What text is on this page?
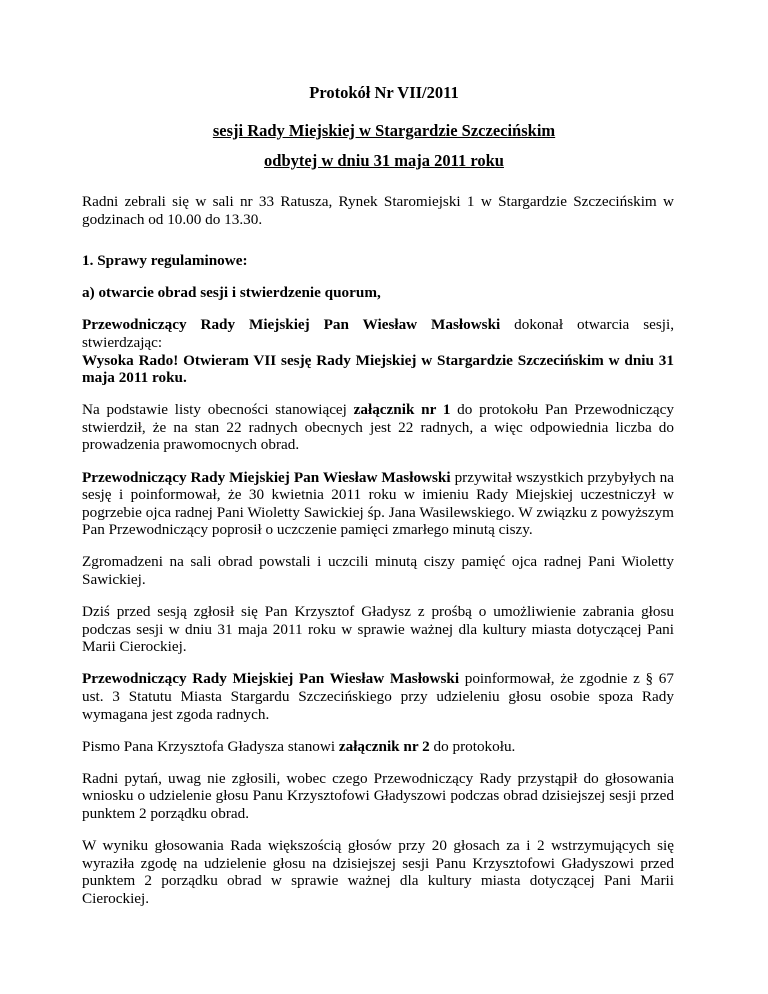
Protokół Nr VII/2011
sesji Rady Miejskiej w Stargardzie Szczecińskim
odbytej w dniu 31 maja 2011 roku

Radni zebrali się w sali nr 33 Ratusza, Rynek Staromiejski 1 w Stargardzie Szczecińskim w godzinach od 10.00 do 13.30.

1. Sprawy regulaminowe:

a) otwarcie obrad sesji i stwierdzenie quorum,

Przewodniczący Rady Miejskiej Pan Wiesław Masłowski dokonał otwarcia sesji, stwierdzając:
Wysoka Rado! Otwieram VII sesję Rady Miejskiej w Stargardzie Szczecińskim w dniu 31 maja 2011 roku.

Na podstawie listy obecności stanowiącej załącznik nr 1 do protokołu Pan Przewodniczący stwierdził, że na stan 22 radnych obecnych jest 22 radnych, a więc odpowiednia liczba do prowadzenia prawomocnych obrad.

Przewodniczący Rady Miejskiej Pan Wiesław Masłowski przywitał wszystkich przybyłych na sesję i poinformował, że 30 kwietnia 2011 roku w imieniu Rady Miejskiej uczestniczył w pogrzebie ojca radnej Pani Wioletty Sawickiej śp. Jana Wasilewskiego. W związku z powyższym Pan Przewodniczący poprosił o uczczenie pamięci zmarłego minutą ciszy.

Zgromadzeni na sali obrad powstali i uczcili minutą ciszy pamięć ojca radnej Pani Wioletty Sawickiej.

Dziś przed sesją zgłosił się Pan Krzysztof Gładysz z prośbą o umożliwienie zabrania głosu podczas sesji w dniu 31 maja 2011 roku w sprawie ważnej dla kultury miasta dotyczącej Pani Marii Cierockiej.

Przewodniczący Rady Miejskiej Pan Wiesław Masłowski poinformował, że zgodnie z § 67 ust. 3 Statutu Miasta Stargardu Szczecińskiego przy udzieleniu głosu osobie spoza Rady wymagana jest zgoda radnych.

Pismo Pana Krzysztofa Gładysza stanowi załącznik nr 2 do protokołu.

Radni pytań, uwag nie zgłosili, wobec czego Przewodniczący Rady przystąpił do głosowania wniosku o udzielenie głosu Panu Krzysztofowi Gładyszowi podczas obrad dzisiejszej sesji przed punktem 2 porządku obrad.

W wyniku głosowania Rada większością głosów przy 20 głosach za i 2 wstrzymujących się wyraziła zgodę na udzielenie głosu na dzisiejszej sesji Panu Krzysztofowi Gładyszowi przed punktem 2 porządku obrad w sprawie ważnej dla kultury miasta dotyczącej Pani Marii Cierockiej.
